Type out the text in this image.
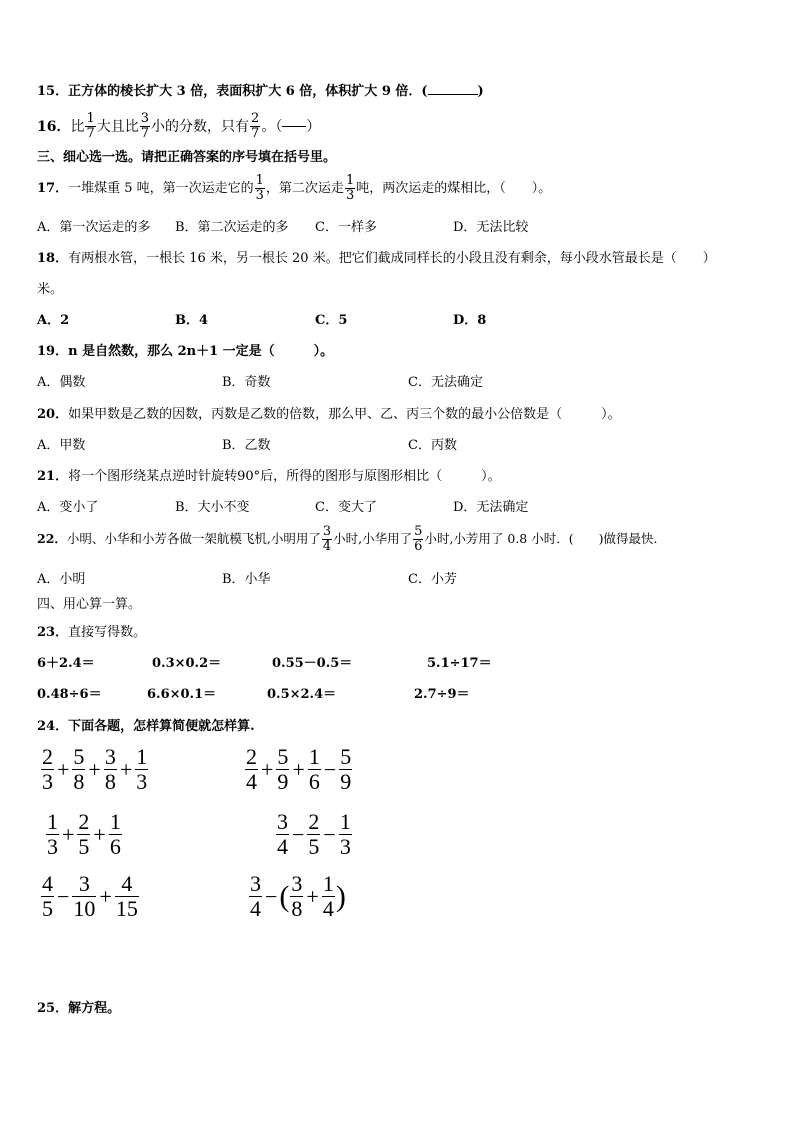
15．正方体的棱长扩大 3 倍，表面积扩大 6 倍，体积扩大 9 倍．(	)
16． 比 $\frac{1}{7}$ 大且比 $\frac{3}{7}$ 小的分数，只有 $\frac{2}{7}$ 。（ ）
三、细心选一选。请把正确答案的序号填在括号里。
17． 一堆煤重 5 吨，第一次运走它的 $\frac{1}{3}$ ，第二次运走 $\frac{1}{3}$ 吨，两次运走的煤相比，（　　）。
A．第一次运走的多 B．第二次运走的多 C．一样多	D．无法比较
18．有两根水管，一根长 16 米，另一根长 20 米。把它们截成同样长的小段且没有剩余，每小段水管最长是（　　）
米。
A．2	B．4	C．5	D．8
19．n 是自然数，那么 2n＋1 一定是（　　　）。
A．偶数	B．奇数	C．无法确定
20．如果甲数是乙数的因数，丙数是乙数的倍数，那么甲、乙、丙三个数的最小公倍数是（　　　）。
A．甲数	B．乙数	C．丙数
21．将一个图形绕某点逆时针旋转90°后，所得的图形与原图形相比（　　　）。
A．变小了	B．大小不变	C．变大了	D．无法确定
22． 小明、小华和小芳各做一架航模飞机,小明用了 $\frac{3}{4}$ 小时,小华用了 $\frac{5}{6}$ 小时,小芳用了 0.8 小时．(　　)做得最快.
A．小明	B．小华	C．小芳
四、用心算一算。
23．直接写得数。
6＋2.4＝	0.3×0.2＝	0.55－0.5＝	5.1÷17＝
0.48÷6＝	6.6×0.1＝	0.5×2.4＝	2.7÷9＝
24．下面各题，怎样算简便就怎样算.
$\frac{2}{3} + \frac{5}{8} + \frac{3}{8} + \frac{1}{3}$	$\frac{2}{4} + \frac{5}{9} + \frac{1}{6} - \frac{5}{9}$
$\frac{1}{3} + \frac{2}{5} + \frac{1}{6}$	$\frac{3}{4} - \frac{2}{5} - \frac{1}{3}$
$\frac{4}{5} - \frac{3}{10} + \frac{4}{15}$	$\frac{3}{4}$ − ( $\frac{3}{8} + \frac{1}{4}$ )
25．解方程。
